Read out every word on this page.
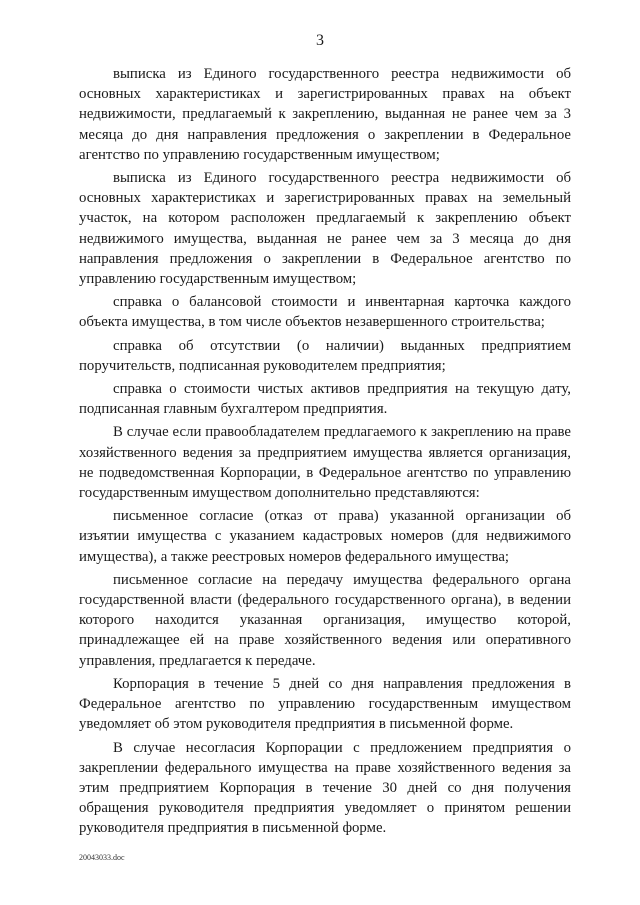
3

выписка из Единого государственного реестра недвижимости об основных характеристиках и зарегистрированных правах на объект недвижимости, предлагаемый к закреплению, выданная не ранее чем за 3 месяца до дня направления предложения о закреплении в Федеральное агентство по управлению государственным имуществом;

выписка из Единого государственного реестра недвижимости об основных характеристиках и зарегистрированных правах на земельный участок, на котором расположен предлагаемый к закреплению объект недвижимого имущества, выданная не ранее чем за 3 месяца до дня направления предложения о закреплении в Федеральное агентство по управлению государственным имуществом;

справка о балансовой стоимости и инвентарная карточка каждого объекта имущества, в том числе объектов незавершенного строительства;

справка об отсутствии (о наличии) выданных предприятием поручительств, подписанная руководителем предприятия;

справка о стоимости чистых активов предприятия на текущую дату, подписанная главным бухгалтером предприятия.

В случае если правообладателем предлагаемого к закреплению на праве хозяйственного ведения за предприятием имущества является организация, не подведомственная Корпорации, в Федеральное агентство по управлению государственным имуществом дополнительно представляются:

письменное согласие (отказ от права) указанной организации об изъятии имущества с указанием кадастровых номеров (для недвижимого имущества), а также реестровых номеров федерального имущества;

письменное согласие на передачу имущества федерального органа государственной власти (федерального государственного органа), в ведении которого находится указанная организация, имущество которой, принадлежащее ей на праве хозяйственного ведения или оперативного управления, предлагается к передаче.

Корпорация в течение 5 дней со дня направления предложения в Федеральное агентство по управлению государственным имуществом уведомляет об этом руководителя предприятия в письменной форме.

В случае несогласия Корпорации с предложением предприятия о закреплении федерального имущества на праве хозяйственного ведения за этим предприятием Корпорация в течение 30 дней со дня получения обращения руководителя предприятия уведомляет о принятом решении руководителя предприятия в письменной форме.

20043033.doc
